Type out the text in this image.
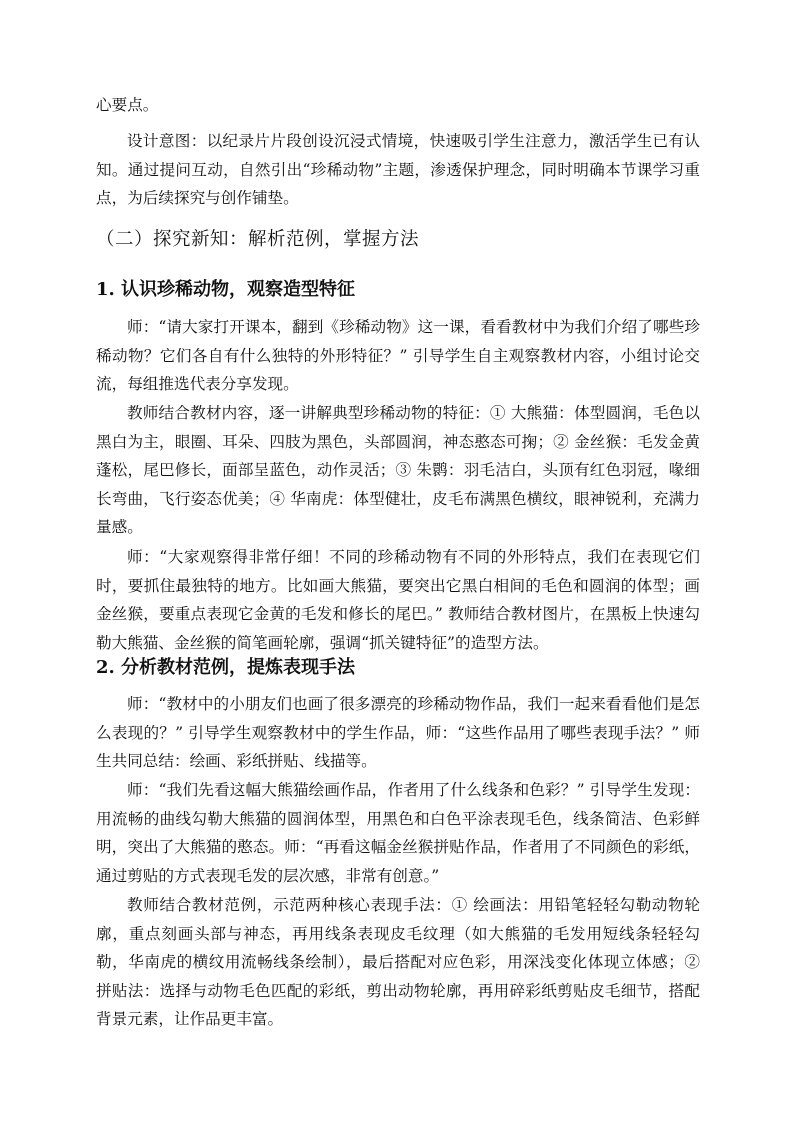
心要点。

设计意图：以纪录片片段创设沉浸式情境，快速吸引学生注意力，激活学生已有认知。通过提问互动，自然引出“珍稀动物”主题，渗透保护理念，同时明确本节课学习重点，为后续探究与创作铺垫。

（二）探究新知：解析范例，掌握方法
1. 认识珍稀动物，观察造型特征

师：“请大家打开课本，翻到《珍稀动物》这一课，看看教材中为我们介绍了哪些珍稀动物？它们各自有什么独特的外形特征？” 引导学生自主观察教材内容，小组讨论交流，每组推选代表分享发现。

教师结合教材内容，逐一讲解典型珍稀动物的特征：① 大熊猫：体型圆润，毛色以黑白为主，眼圈、耳朵、四肢为黑色，头部圆润，神态憨态可掬；② 金丝猴：毛发金黄蓬松，尾巴修长，面部呈蓝色，动作灵活；③ 朱鹮：羽毛洁白，头顶有红色羽冠，喙细长弯曲，飞行姿态优美；④ 华南虎：体型健壮，皮毛布满黑色横纹，眼神锐利，充满力量感。

师：“大家观察得非常仔细！不同的珍稀动物有不同的外形特点，我们在表现它们时，要抓住最独特的地方。比如画大熊猫，要突出它黑白相间的毛色和圆润的体型；画金丝猴，要重点表现它金黄的毛发和修长的尾巴。” 教师结合教材图片，在黑板上快速勾勒大熊猫、金丝猴的简笔画轮廓，强调“抓关键特征”的造型方法。

2. 分析教材范例，提炼表现手法

师：“教材中的小朋友们也画了很多漂亮的珍稀动物作品，我们一起来看看他们是怎么表现的？” 引导学生观察教材中的学生作品，师：“这些作品用了哪些表现手法？” 师生共同总结：绘画、彩纸拼贴、线描等。

师：“我们先看这幅大熊猫绘画作品，作者用了什么线条和色彩？” 引导学生发现：用流畅的曲线勾勒大熊猫的圆润体型，用黑色和白色平涂表现毛色，线条简洁、色彩鲜明，突出了大熊猫的憨态。师：“再看这幅金丝猴拼贴作品，作者用了不同颜色的彩纸，通过剪贴的方式表现毛发的层次感，非常有创意。”

教师结合教材范例，示范两种核心表现手法：① 绘画法：用铅笔轻轻勾勒动物轮廓，重点刻画头部与神态，再用线条表现皮毛纹理（如大熊猫的毛发用短线条轻轻勾勒，华南虎的横纹用流畅线条绘制），最后搭配对应色彩，用深浅变化体现立体感；② 拼贴法：选择与动物毛色匹配的彩纸，剪出动物轮廓，再用碎彩纸剪贴皮毛细节，搭配背景元素，让作品更丰富。
